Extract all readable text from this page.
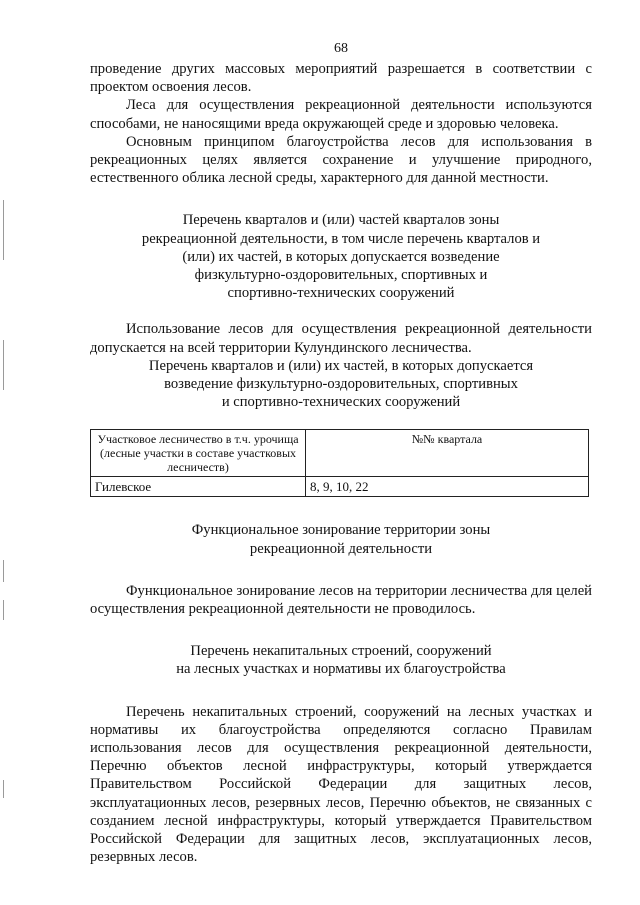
68

проведение других массовых мероприятий разрешается в соответствии с проектом освоения лесов.

Леса для осуществления рекреационной деятельности используются способами, не наносящими вреда окружающей среде и здоровью человека.

Основным принципом благоустройства лесов для использования в рекреационных целях является сохранение и улучшение природного, естественного облика лесной среды, характерного для данной местности.

Перечень кварталов и (или) частей кварталов зоны

рекреационной деятельности, в том числе перечень кварталов и

(или) их частей, в которых допускается возведение

физкультурно-оздоровительных, спортивных и

спортивно-технических сооружений

Использование лесов для осуществления рекреационной деятельности допускается на всей территории Кулундинского лесничества.

Перечень кварталов и (или) их частей, в которых допускается

возведение физкультурно-оздоровительных, спортивных

и спортивно-технических сооружений

Участковое лесничество в т.ч. урочища (лесные участки в составе участковых лесничеств)	№№ квартала
Гилевское	8, 9, 10, 22

Функциональное зонирование территории зоны

рекреационной деятельности

Функциональное зонирование лесов на территории лесничества для целей осуществления рекреационной деятельности не проводилось.

Перечень некапитальных строений, сооружений

на лесных участках и нормативы их благоустройства

Перечень некапитальных строений, сооружений на лесных участках и нормативы их благоустройства определяются согласно Правилам использования лесов для осуществления рекреационной деятельности, Перечню объектов лесной инфраструктуры, который утверждается Правительством Российской Федерации для защитных лесов, эксплуатационных лесов, резервных лесов, Перечню объектов, не связанных с созданием лесной инфраструктуры, который утверждается Правительством Российской Федерации для защитных лесов, эксплуатационных лесов, резервных лесов.
